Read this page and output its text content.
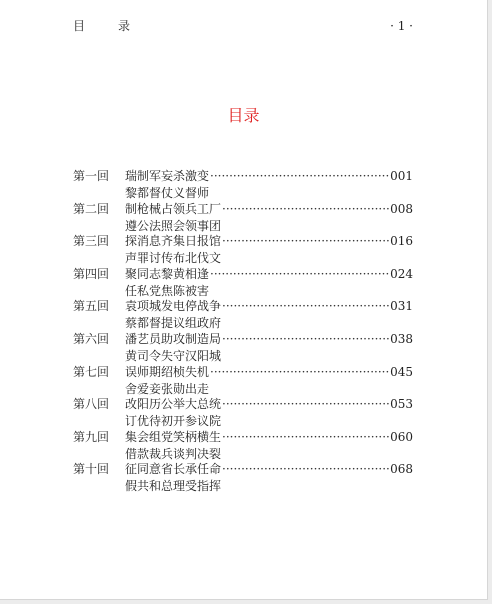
目录	· 1 ·
目录
第一回	瑞制军妄杀激变 ·····	001
黎都督仗义督师
第二回	制枪械占领兵工厂 ·····	008
遵公法照会领事团
第三回	探消息齐集日报馆 ·····	016
声罪讨传布北伐文
第四回	聚同志黎黄相逢 ·····	024
任私党焦陈被害
第五回	袁项城发电停战争 ·····	031
蔡都督提议组政府
第六回	潘艺员助攻制造局 ·····	038
黄司令失守汉阳城
第七回	误师期绍桢失机 ·····	045
舍爱妾张勋出走
第八回	改阳历公举大总统 ·····	053
订优待初开参议院
第九回	集会组党笑柄横生 ·····	060
借款裁兵谈判决裂
第十回	征同意省长承任命 ·····	068
假共和总理受指挥
